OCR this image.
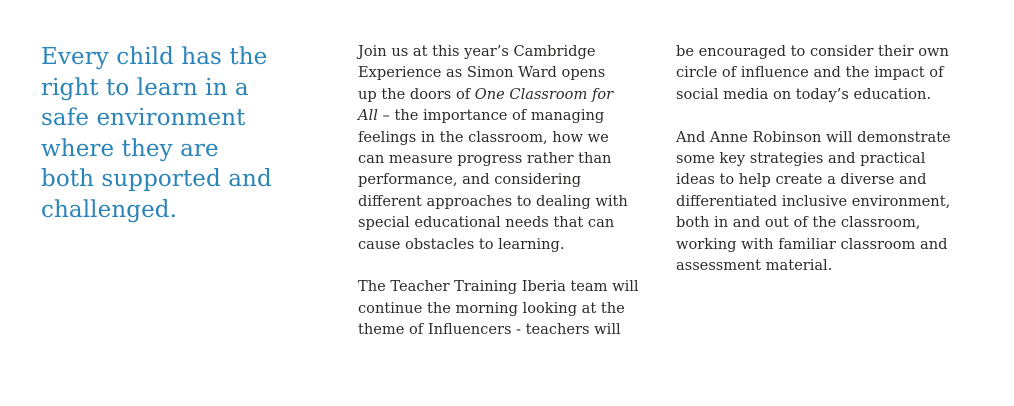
Every child has the
right to learn in a
safe environment
where they are
both supported and
challenged.

Join us at this year’s Cambridge
Experience as Simon Ward opens
up the doors of One Classroom for
All – the importance of managing
feelings in the classroom, how we
can measure progress rather than
performance, and considering
different approaches to dealing with
special educational needs that can
cause obstacles to learning.

The Teacher Training Iberia team will
continue the morning looking at the
theme of Influencers - teachers will

be encouraged to consider their own
circle of influence and the impact of
social media on today’s education.

And Anne Robinson will demonstrate
some key strategies and practical
ideas to help create a diverse and
differentiated inclusive environment,
both in and out of the classroom,
working with familiar classroom and
assessment material.
